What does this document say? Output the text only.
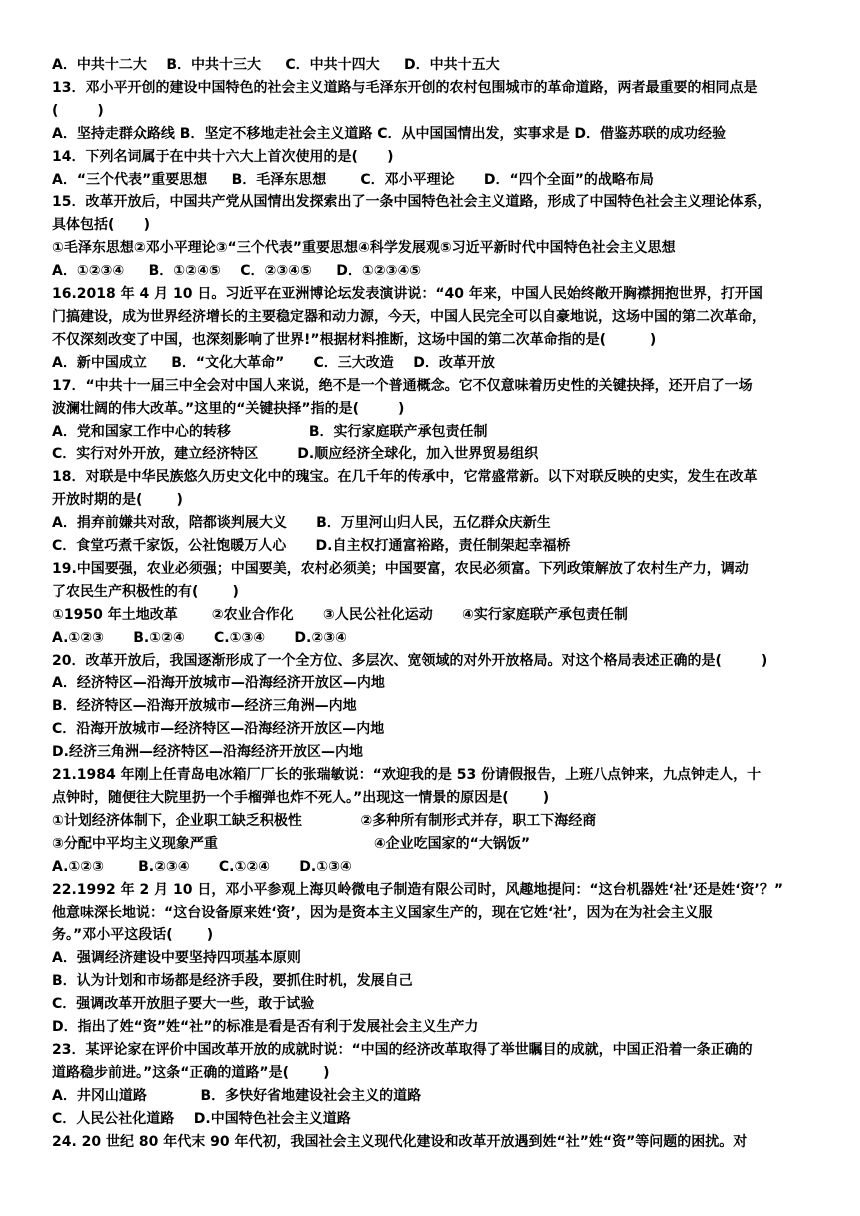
A．中共十二大    B．中共十三大     C．中共十四大     D．中共十五大
13．邓小平开创的建设中国特色的社会主义道路与毛泽东开创的农村包围城市的革命道路，两者最重要的相同点是
(        )
A．坚持走群众路线 B．坚定不移地走社会主义道路 C．从中国国情出发，实事求是 D．借鉴苏联的成功经验
14．下列名词属于在中共十六大上首次使用的是(      )
A．“三个代表”重要思想     B．毛泽东思想       C．邓小平理论      D．“四个全面”的战略布局
15．改革开放后，中国共产党从国情出发探索出了一条中国特色社会主义道路，形成了中国特色社会主义理论体系，
具体包括(      )
①毛泽东思想②邓小平理论③“三个代表”重要思想④科学发展观⑤习近平新时代中国特色社会主义思想
A．①②③④     B．①②④⑤    C．②③④⑤     D．①②③④⑤
16.2018 年 4 月 10 日。习近平在亚洲博论坛发表演讲说：“40 年来，中国人民始终敞开胸襟拥抱世界，打开国
门搞建设，成为世界经济增长的主要稳定器和动力源，今天，中国人民完全可以自豪地说，这场中国的第二次革命，
不仅深刻改变了中国，也深刻影响了世界!”根据材料推断，这场中国的第二次革命指的是(         )
A．新中国成立     B．“文化大革命”      C．三大改造    D．改革开放
17．“中共十一届三中全会对中国人来说，绝不是一个普通概念。它不仅意味着历史性的关键抉择，还开启了一场
波澜壮阔的伟大改革。”这里的“关键抉择”指的是(        )
A．党和国家工作中心的转移                B．实行家庭联产承包责任制
C．实行对外开放，建立经济特区        D.顺应经济全球化，加入世界贸易组织
18．对联是中华民族悠久历史文化中的瑰宝。在几千年的传承中，它常盛常新。以下对联反映的史实，发生在改革
开放时期的是(       )
A．捐弃前嫌共对敌，陪都谈判展大义      B．万里河山归人民，五亿群众庆新生
C．食堂巧煮千家饭，公社饱暖万人心      D.自主权打通富裕路，责任制架起幸福桥
19.中国要强，农业必须强；中国要美，农村必须美；中国要富，农民必须富。下列政策解放了农村生产力，调动
了农民生产积极性的有(       )
①1950 年土地改革       ②农业合作化      ③人民公社化运动      ④实行家庭联产承包责任制
A.①②③      B.①②④      C.①③④      D.②③④
20．改革开放后，我国逐渐形成了一个全方位、多层次、宽领域的对外开放格局。对这个格局表述正确的是(        )
A．经济特区—沿海开放城市—沿海经济开放区—内地
B．经济特区—沿海开放城市—经济三角洲—内地
C．沿海开放城市—经济特区—沿海经济开放区—内地
D.经济三角洲—经济特区—沿海经济开放区—内地
21.1984 年刚上任青岛电冰箱厂厂长的张瑞敏说：“欢迎我的是 53 份请假报告，上班八点钟来，九点钟走人，十
点钟时，随便往大院里扔一个手榴弹也炸不死人。”出现这一情景的原因是(       )
①计划经济体制下，企业职工缺乏积极性            ②多种所有制形式并存，职工下海经商
③分配中平均主义现象严重                                ④企业吃国家的“大锅饭”
A.①②③       B.②③④      C.①②④      D.①③④
22.1992 年 2 月 10 日，邓小平参观上海贝岭微电子制造有限公司时，风趣地提问：“这台机器姓‘社’还是姓‘资’？”
他意味深长地说：“这台设备原来姓‘资’，因为是资本主义国家生产的，现在它姓‘社’，因为在为社会主义服
务。”邓小平这段话(       )
A．强调经济建设中要坚持四项基本原则
B．认为计划和市场都是经济手段，要抓住时机，发展自己
C．强调改革开放胆子要大一些，敢于试验
D．指出了姓“资”姓“社”的标准是看是否有利于发展社会主义生产力
23．某评论家在评价中国改革开放的成就时说：“中国的经济改革取得了举世瞩目的成就，中国正沿着一条正确的
道路稳步前进。”这条“正确的道路”是(       )
A．井冈山道路           B．多快好省地建设社会主义的道路
C．人民公社化道路    D.中国特色社会主义道路
24. 20 世纪 80 年代末 90 年代初，我国社会主义现代化建设和改革开放遇到姓“社”姓“资”等问题的困扰。对
